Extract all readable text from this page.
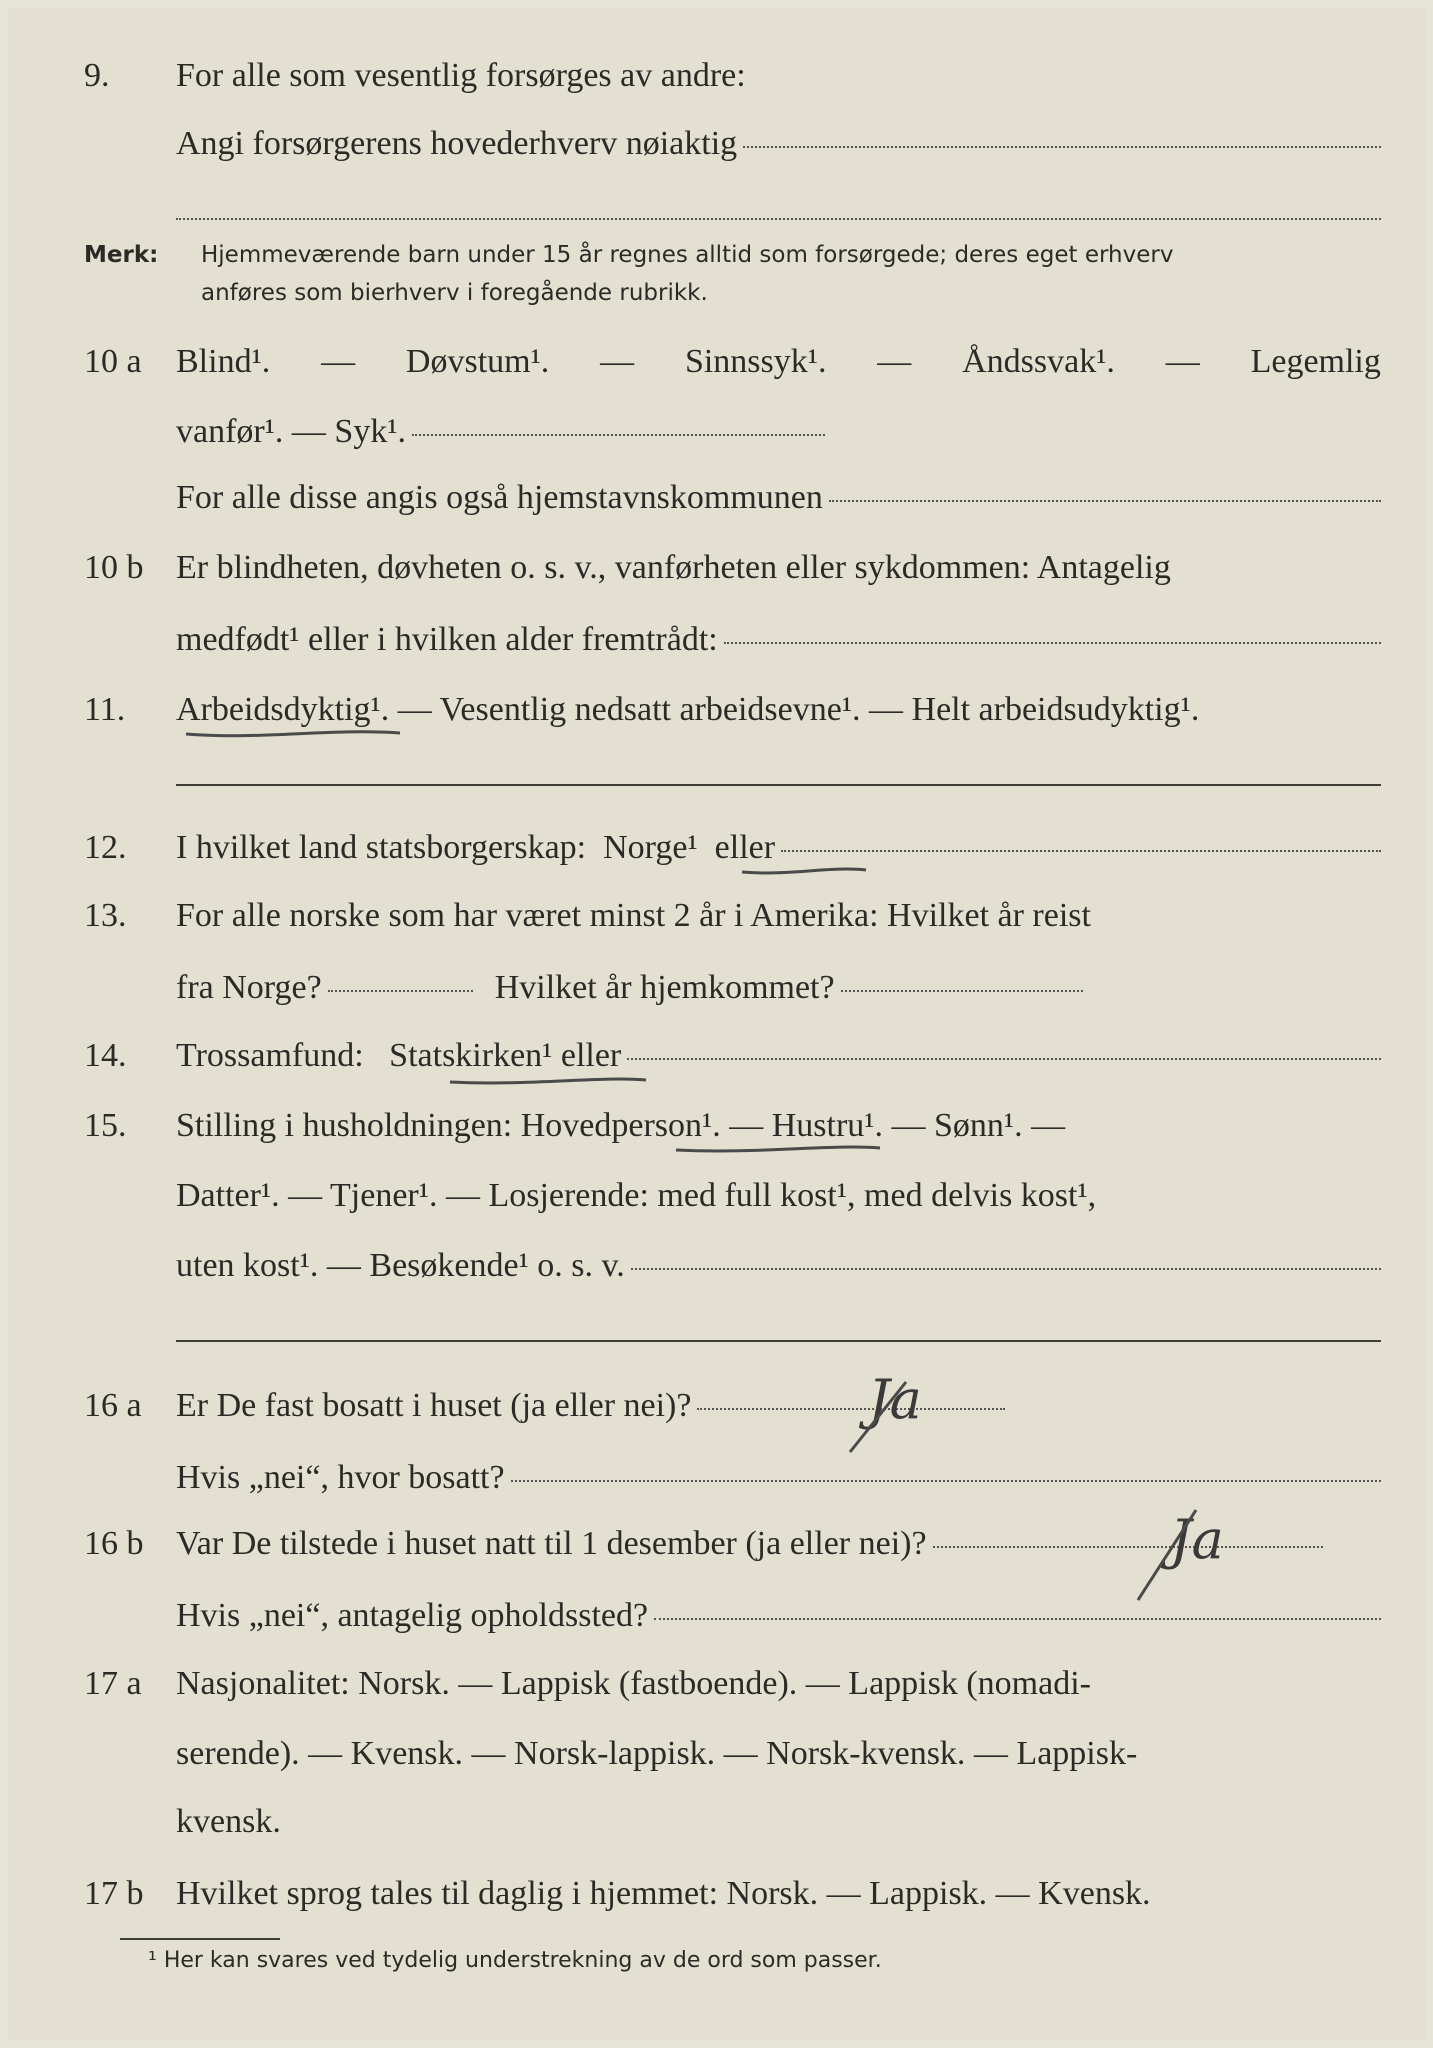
9.	For alle som vesentlig forsørges av andre:
Angi forsørgerens hovederhverv nøiaktig
Merk: Hjemmeværende barn under 15 år regnes alltid som forsørgede; deres eget erhverv
anføres som bierhverv i foregående rubrikk.
10 a	Blind¹. — Døvstum¹. — Sinnssyk¹. — Åndssvak¹. — Legemlig
vanfør¹. — Syk¹.
For alle disse angis også hjemstavnskommunen
10 b Er blindheten, døvheten o. s. v., vanførheten eller sykdommen: Antagelig
medfødt¹ eller i hvilken alder fremtrådt:
11.	Arbeidsdyktig¹. — Vesentlig nedsatt arbeidsevne¹. — Helt arbeidsudyktig¹.
12.	I hvilket land statsborgerskap:
Norge¹
eller
13.	For alle norske som har været minst 2 år i Amerika: Hvilket år reist
fra Norge?	Hvilket år hjemkommet?
14.	Trossamfund:
Statskirken¹
eller
15.	Stilling i husholdningen: Hovedperson¹. — Hustru¹. — Sønn¹. —
Datter¹. — Tjener¹. — Losjerende: med full kost¹, med delvis kost¹,
uten kost¹. — Besøkende¹ o. s. v.
16 a	Er De fast bosatt i huset (ja eller nei)?	Ja
Hvis „nei“, hvor bosatt?
16 b Var De tilstede i huset natt til 1 desember (ja eller nei)?	Ja
Hvis „nei“, antagelig opholdssted?
17 a	Nasjonalitet: Norsk. — Lappisk (fastboende). — Lappisk (nomadi-
serende). — Kvensk. — Norsk-lappisk. — Norsk-kvensk. — Lappisk-
kvensk.
17 b Hvilket sprog tales til daglig i hjemmet: Norsk. — Lappisk. — Kvensk.
¹ Her kan svares ved tydelig understrekning av de ord som passer.
